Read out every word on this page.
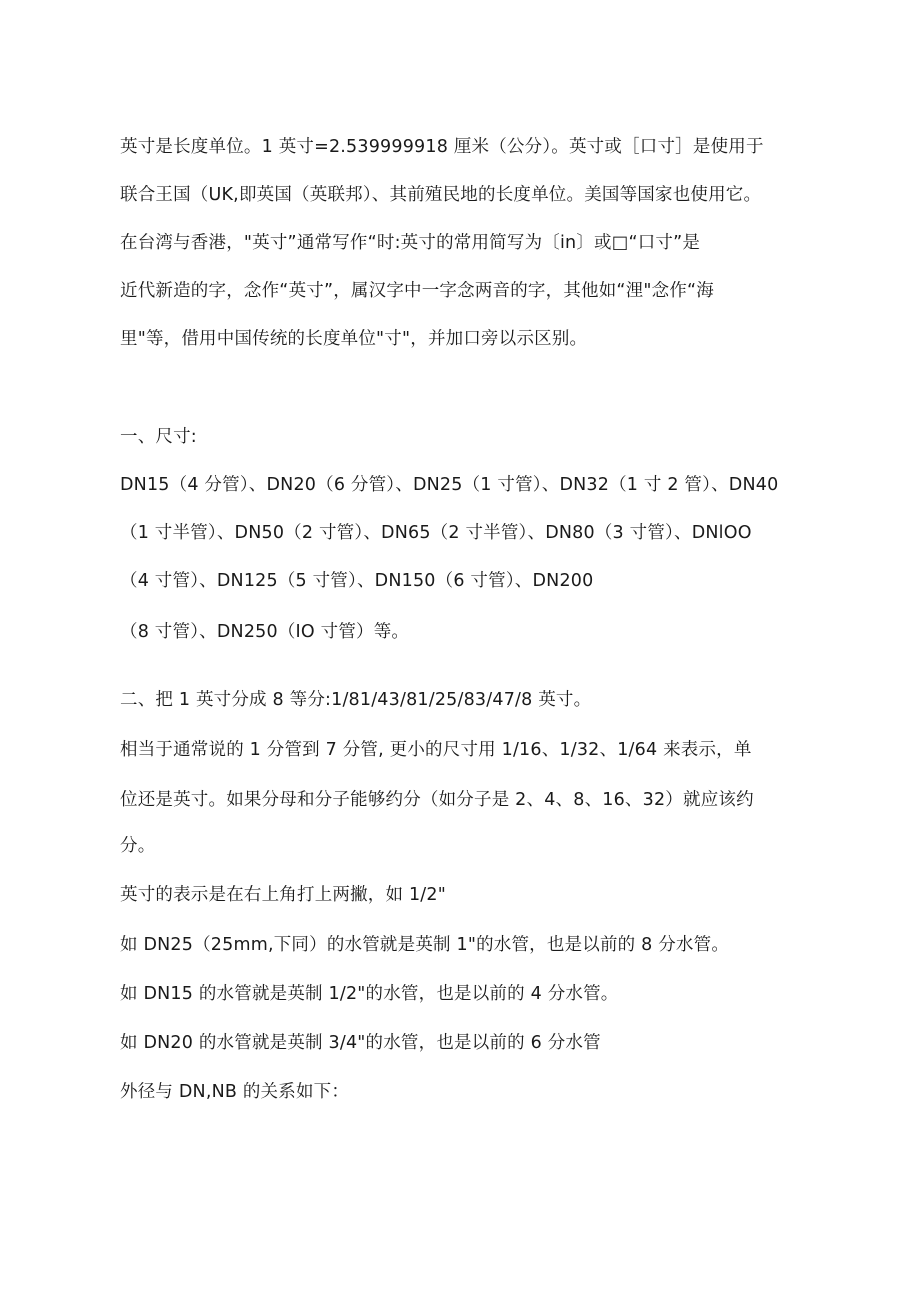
英寸是长度单位。1 英寸=2.539999918 厘米（公分）。英寸或［口寸］是使用于
联合王国（UK,即英国（英联邦）、其前殖民地的长度单位。美国等国家也使用它。
在台湾与香港，"英寸”通常写作“时:英寸的常用简写为〔in〕或□“口寸”是
近代新造的字，念作“英寸”，属汉字中一字念两音的字，其他如“浬"念作“海
里"等，借用中国传统的长度单位"寸"，并加口旁以示区别。
一、尺寸:
DN15（4 分管）、DN20（6 分管）、DN25（1 寸管）、DN32（1 寸 2 管）、DN40
（1 寸半管）、DN50（2 寸管）、DN65（2 寸半管）、DN80（3 寸管）、DNlOO
（4 寸管）、DN125（5 寸管）、DN150（6 寸管）、DN200
（8 寸管）、DN250（IO 寸管）等。
二、把 1 英寸分成 8 等分:1/81/43/81/25/83/47/8 英寸。
相当于通常说的 1 分管到 7 分管, 更小的尺寸用 1/16、1/32、1/64 来表示，单
位还是英寸。如果分母和分子能够约分（如分子是 2、4、8、16、32）就应该约
分。
英寸的表示是在右上角打上两撇，如 1/2"
如 DN25（25mm,下同）的水管就是英制 1"的水管，也是以前的 8 分水管。
如 DN15 的水管就是英制 1/2"的水管，也是以前的 4 分水管。
如 DN20 的水管就是英制 3/4"的水管，也是以前的 6 分水管
外径与 DN,NB 的关系如下：
